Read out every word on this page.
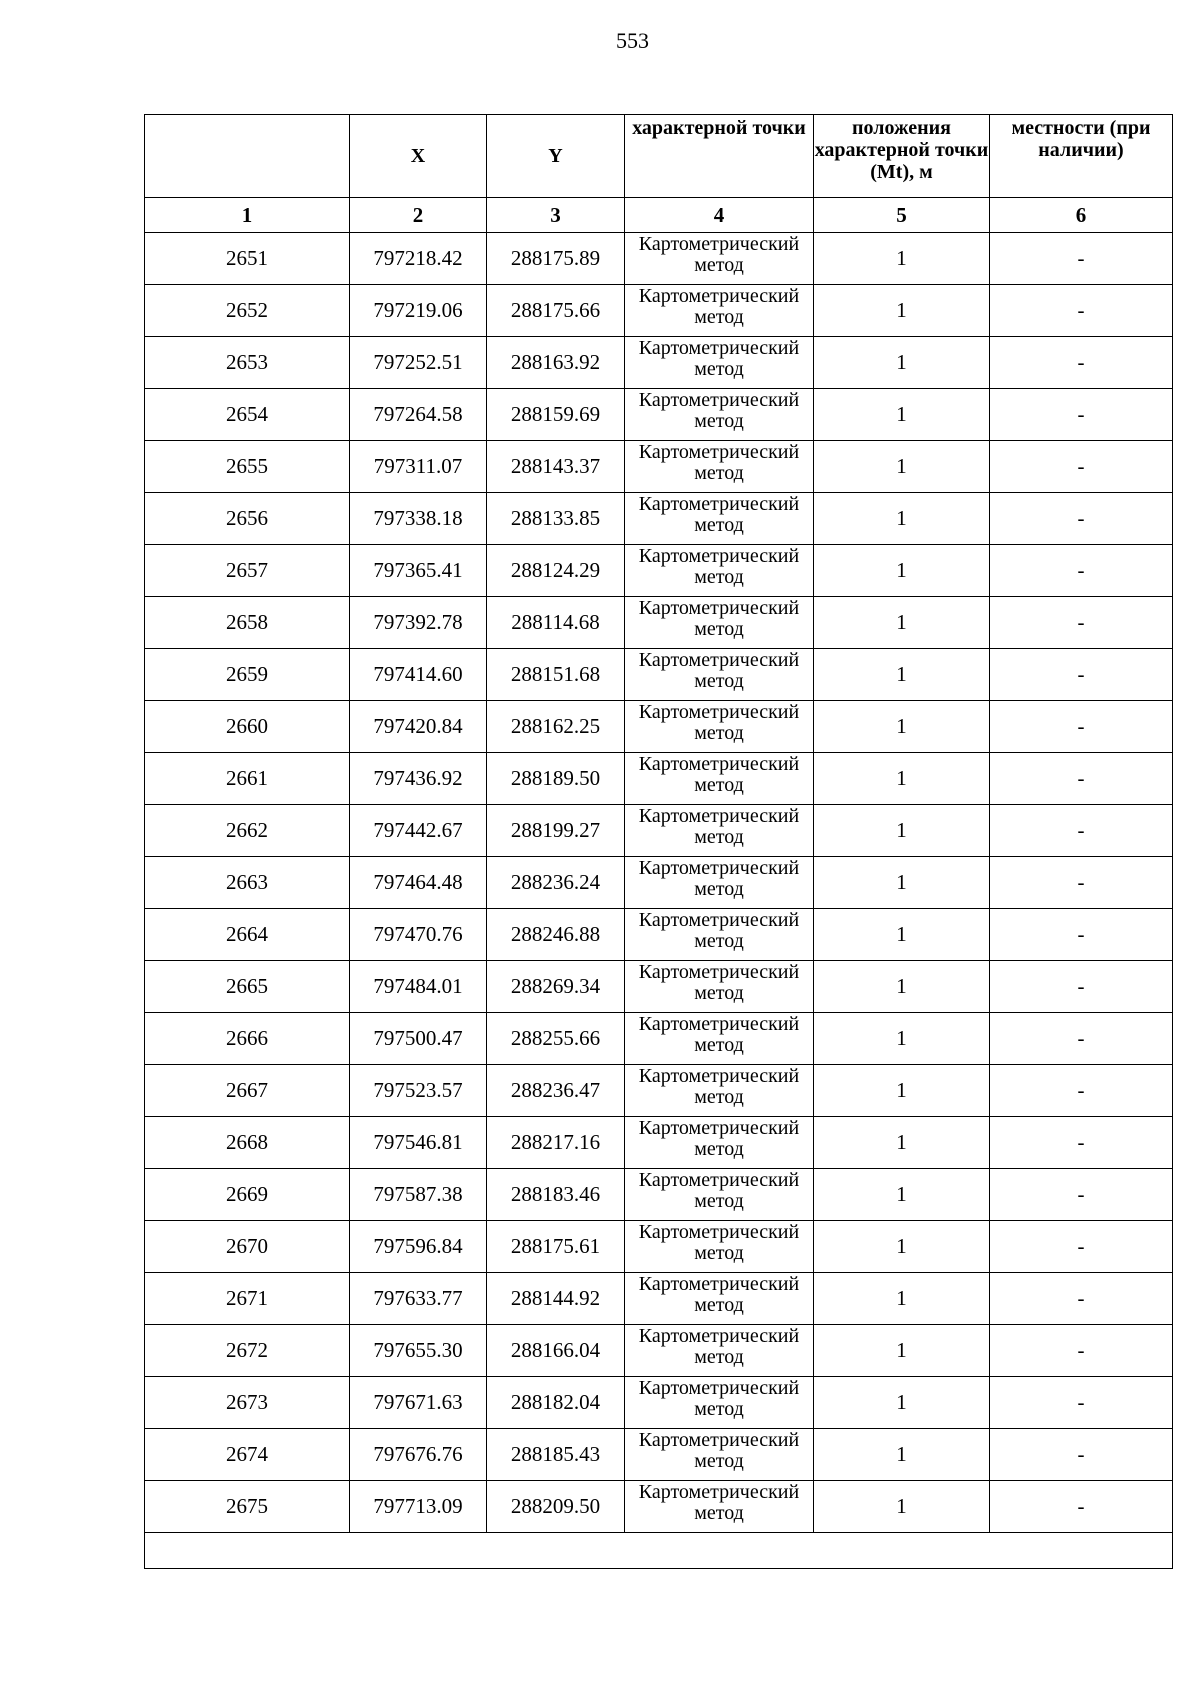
553
	X	Y	характерной точки	положения характерной точки (Mt), м	местности (при наличии)
1	2	3	4	5	6
2651	797218.42	288175.89	Картометрический метод	1	-
2652	797219.06	288175.66	Картометрический метод	1	-
2653	797252.51	288163.92	Картометрический метод	1	-
2654	797264.58	288159.69	Картометрический метод	1	-
2655	797311.07	288143.37	Картометрический метод	1	-
2656	797338.18	288133.85	Картометрический метод	1	-
2657	797365.41	288124.29	Картометрический метод	1	-
2658	797392.78	288114.68	Картометрический метод	1	-
2659	797414.60	288151.68	Картометрический метод	1	-
2660	797420.84	288162.25	Картометрический метод	1	-
2661	797436.92	288189.50	Картометрический метод	1	-
2662	797442.67	288199.27	Картометрический метод	1	-
2663	797464.48	288236.24	Картометрический метод	1	-
2664	797470.76	288246.88	Картометрический метод	1	-
2665	797484.01	288269.34	Картометрический метод	1	-
2666	797500.47	288255.66	Картометрический метод	1	-
2667	797523.57	288236.47	Картометрический метод	1	-
2668	797546.81	288217.16	Картометрический метод	1	-
2669	797587.38	288183.46	Картометрический метод	1	-
2670	797596.84	288175.61	Картометрический метод	1	-
2671	797633.77	288144.92	Картометрический метод	1	-
2672	797655.30	288166.04	Картометрический метод	1	-
2673	797671.63	288182.04	Картометрический метод	1	-
2674	797676.76	288185.43	Картометрический метод	1	-
2675	797713.09	288209.50	Картометрический метод	1	-
